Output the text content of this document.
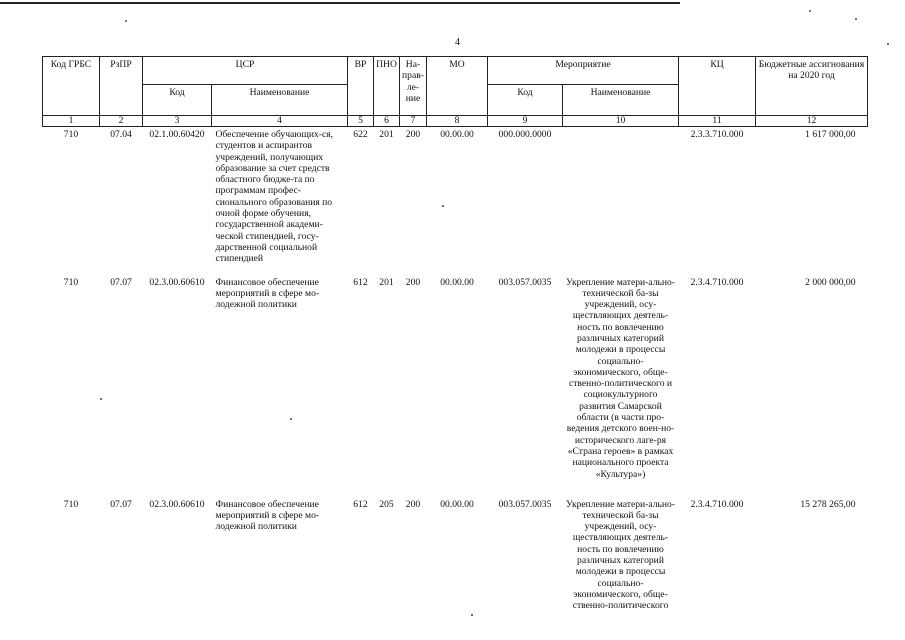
4
Код ГРБС	РзПР	ЦСР		ВР	ПНО	На-прав-ле-ние	МО	Мероприятие		КЦ	Бюджетные ассигнования на 2020 год
		Код	Наименование					Код	Наименование		
1	2	3	4	5	6	7	8	9	10	11	12
710	07.04	02.1.00.60420	Обеспечение обучающих-ся, студентов и аспирантов учреждений, получающих образование за счет средств областного бюдже-та по программам профес-сионального образования по очной форме обучения, государственной академи-ческой стипендией, госу-дарственной социальной стипендией	622	201	200	00.00.00	000.000.0000		2.3.3.710.000	1 617 000,00
710	07.07	02.3.00.60610	Финансовое обеспечение мероприятий в сфере мо-лодежной политики	612	201	200	00.00.00	003.057.0035	Укрепление матери-ально-технической ба-зы учреждений, осу-ществляющих деятель-ность по вовлечению различных категорий молодежи в процессы социально-экономического, обще-ственно-политического и социокультурного развития Самарской области (в части про-ведения детского воен-но-исторического лаге-ря «Страна героев» в рамках национального проекта «Культура»)	2.3.4.710.000	2 000 000,00
710	07.07	02.3.00.60610	Финансовое обеспечение мероприятий в сфере мо-лодежной политики	612	205	200	00.00.00	003.057.0035	Укрепление матери-ально-технической ба-зы учреждений, осу-ществляющих деятель-ность по вовлечению различных категорий молодежи в процессы социально-экономического, обще-ственно-политического	2.3.4.710.000	15 278 265,00
